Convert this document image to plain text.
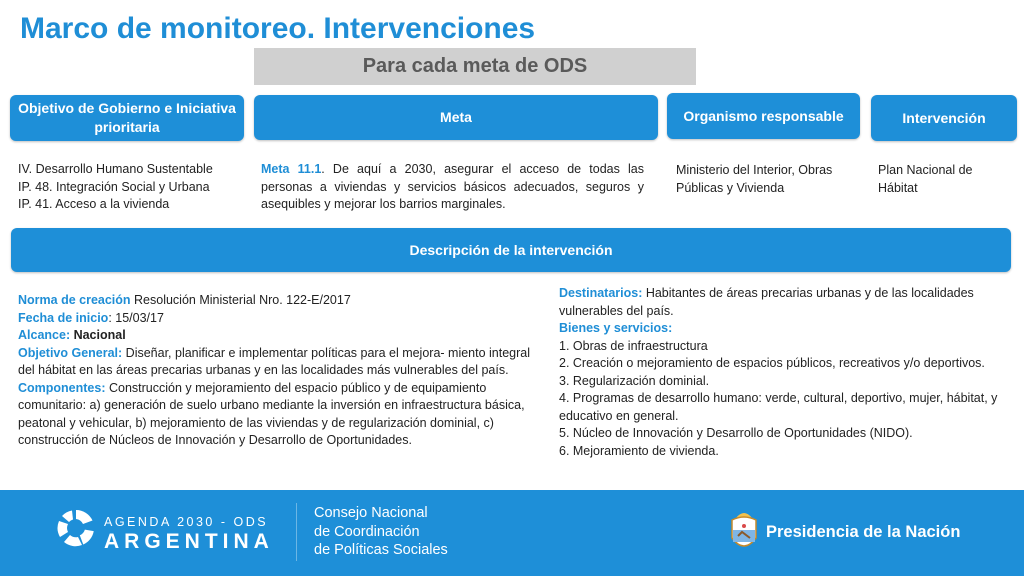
Marco de monitoreo. Intervenciones
Para cada meta de ODS
Objetivo de Gobierno e Iniciativa prioritaria
Meta	Organismo responsable	Intervención
IV. Desarrollo Humano Sustentable
IP. 48. Integración Social y Urbana
IP. 41. Acceso a la vivienda
Meta 11.1. De aquí a 2030, asegurar el acceso de todas las personas a viviendas y servicios básicos adecuados, seguros y asequibles y mejorar los barrios marginales.
Ministerio del Interior, Obras Públicas y Vivienda
Plan Nacional de Hábitat
Descripción de la intervención
Norma de creación Resolución Ministerial Nro. 122-E/2017
Fecha de inicio: 15/03/17
Alcance: Nacional
Objetivo General: Diseñar, planificar e implementar políticas para el mejora- miento integral del hábitat en las áreas precarias urbanas y en las localidades más vulnerables del país.
Componentes: Construcción y mejoramiento del espacio público y de equipamiento comunitario: a) generación de suelo urbano mediante la inversión en infraestructura básica, peatonal y vehicular, b) mejoramiento de las viviendas y de regularización dominial, c) construcción de Núcleos de Innovación y Desarrollo de Oportunidades.
Destinatarios: Habitantes de áreas precarias urbanas y de las localidades vulnerables del país.
Bienes y servicios:
1. Obras de infraestructura
2. Creación o mejoramiento de espacios públicos, recreativos y/o deportivos.
3. Regularización dominial.
4. Programas de desarrollo humano: verde, cultural, deportivo, mujer, hábitat, y educativo en general.
5. Núcleo de Innovación y Desarrollo de Oportunidades (NIDO).
6. Mejoramiento de vivienda.
AGENDA 2030 - ODS
ARGENTINA
Consejo Nacional
de Coordinación
de Políticas Sociales
Presidencia de la Nación
